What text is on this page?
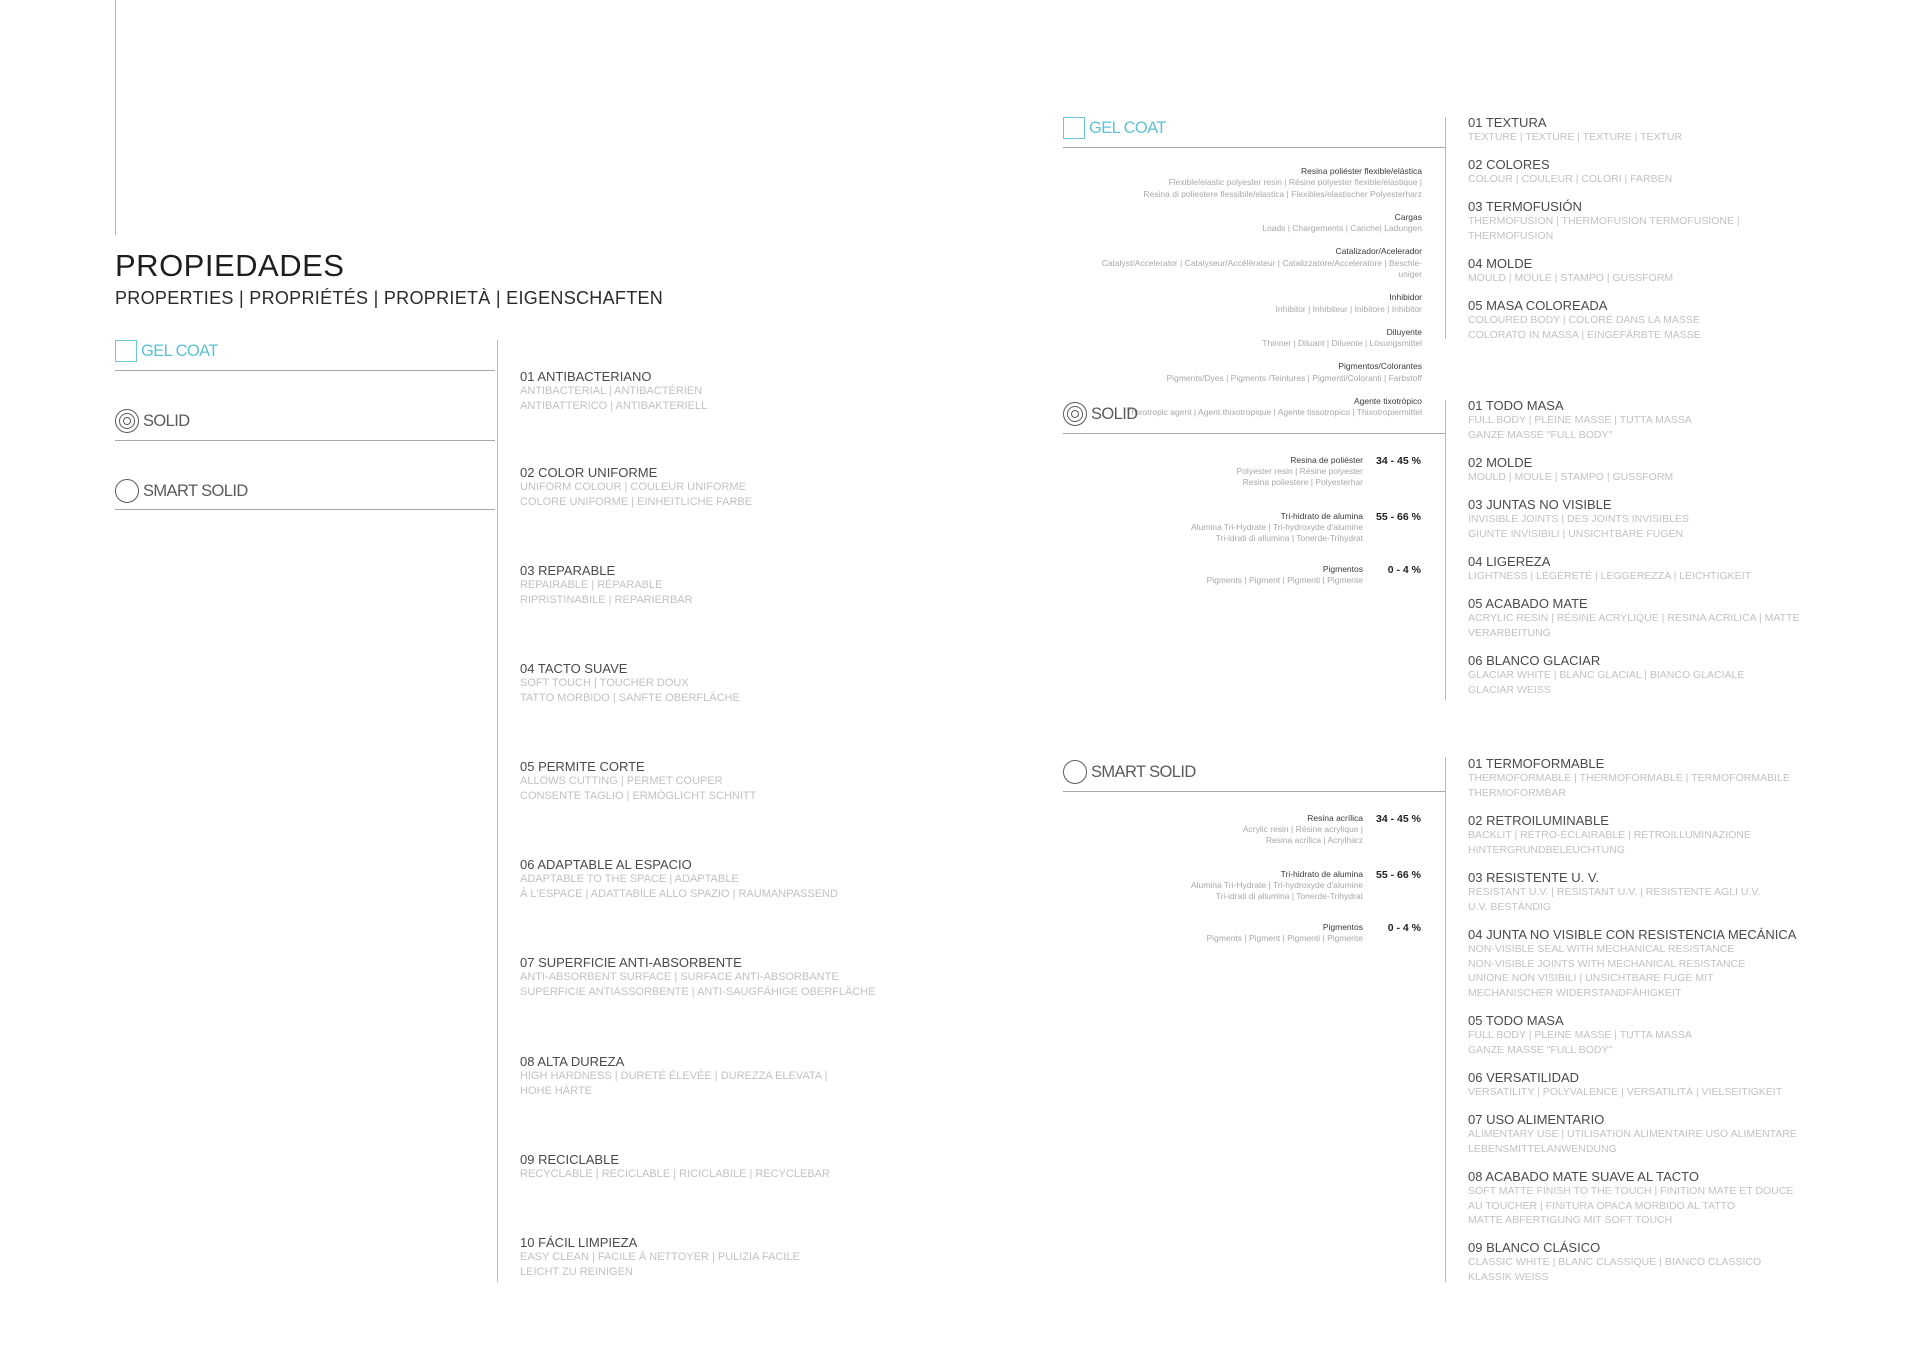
PROPIEDADES
PROPERTIES | PROPRIÉTÉS | PROPRIETÀ | EIGENSCHAFTEN
GEL COAT
SOLID
SMART SOLID
01 ANTIBACTERIANO
ANTIBACTERIAL | ANTIBACTÉRIEN
ANTIBATTERICO | ANTIBAKTERIELL
02 COLOR UNIFORME
UNIFORM COLOUR | COULEUR UNIFORME
COLORE UNIFORME | EINHEITLICHE FARBE
03 REPARABLE
REPAIRABLE | RÉPARABLE
RIPRISTINABILE | REPARIERBAR
04 TACTO SUAVE
SOFT TOUCH | TOUCHER DOUX
TATTO MORBIDO | SANFTE OBERFLÄCHE
05 PERMITE CORTE
ALLOWS CUTTING | PERMET COUPER
CONSENTE TAGLIO | ERMÖGLICHT SCHNITT
06 ADAPTABLE AL ESPACIO
ADAPTABLE TO THE SPACE | ADAPTABLE
À L'ESPACE | ADATTABILE ALLO SPAZIO | RAUMANPASSEND
07 SUPERFICIE ANTI-ABSORBENTE
ANTI-ABSORBENT SURFACE | SURFACE ANTI-ABSORBANTE
SUPERFICIE ANTIASSORBENTE | ANTI-SAUGFÄHIGE OBERFLÄCHE
08 ALTA DUREZA
HIGH HARDNESS | DURETÉ ÉLEVÉE | DUREZZA ELEVATA |
HOHE HÄRTE
09 RECICLABLE
RECYCLABLE | RECICLABLE | RICICLABILE | RECYCLEBAR
10 FÁCIL LIMPIEZA
EASY CLEAN | FACILE À NETTOYER | PULIZIA FACILE
LEICHT ZU REINIGEN
GEL COAT

Resina poliéster flexible/elástica
Flexible/elastic polyester resin | Résine polyester flexible/élastique |
Resina di poliestere flessibile/elastica | Flexibles/elastischer Polyesterharz

Cargas
Loads | Chargements | Cariche| Ladungen

Catalizador/Acelerador
Catalyst/Accelerator | Catalyseur/Accélérateur | Catalizzatore/Acceleratore | Beschle-
uniger

Inhibidor
Inhibitor | Inhibiteur | Inibitore | Inhibitor

Diluyente
Thinner | Diluant | Diluente | Lösungsmittel

Pigmentos/Colorantes
Pigments/Dyes | Pigments /Teintures | Pigmenti/Coloranti | Farbstoff

Agente tixotrópico
Thixotropic agent | Agent thixotropique | Agente tissotropico | Thixotropiermittel

01 TEXTURA
TEXTURE | TEXTURE | TEXTURE | TEXTUR
02 COLORES
COLOUR | COULEUR | COLORI | FARBEN
03 TERMOFUSIÓN
THERMOFUSION | THERMOFUSION TERMOFUSIONE |
THERMOFUSION
04 MOLDE
MOULD | MOULE | STAMPO | GUSSFORM
05 MASA COLOREADA
COLOURED BODY | COLORÉ DANS LA MASSE
COLORATO IN MASSA | EINGEFÄRBTE MASSE
SOLID
Resina de poliéster
Polyester resin | Résine polyester
Resina poliestere | Polyesterhar
34 - 45 %
Tri-hidrato de alumina
Alumina Tri-Hydrate | Tri-hydroxyde d'alumine
Tri-idrati di allumina | Tonerde-Trihydrat
55 - 66 %
Pigmentos
Pigments | Pigment | Pigmenti | Pigmente
0 - 4 %
01 TODO MASA
FULL BODY | PLEINE MASSE | TUTTA MASSA
GANZE MASSE "FULL BODY"
02 MOLDE
MOULD | MOULE | STAMPO | GUSSFORM
03 JUNTAS NO VISIBLE
INVISIBLE JOINTS | DES JOINTS INVISIBLES
GIUNTE INVISIBILI | UNSICHTBARE FUGEN
04 LIGEREZA
LIGHTNESS | LÉGÈRETÉ | LEGGEREZZA | LEICHTIGKEIT
05 ACABADO MATE
ACRYLIC RESIN | RÉSINE ACRYLIQUE | RESINA ACRILICA | MATTE
VERARBEITUNG
06 BLANCO GLACIAR
GLACIAR WHITE | BLANC GLACIAL | BIANCO GLACIALE
GLACIAR WEISS
SMART SOLID
Resina acrílica
Acrylic resin | Résine acrylique |
Resina acrilica | Acrylharz
34 - 45 %
Tri-hidrato de alumina
Alumina Tri-Hydrate | Tri-hydroxyde d'alumine
Tri-idrati di allumina | Tonerde-Trihydrat
55 - 66 %
Pigmentos
Pigments | Pigment | Pigmenti | Pigmente
0 - 4 %
01 TERMOFORMABLE
THERMOFORMABLE | THERMOFORMABLE | TERMOFORMABILE
THERMOFORMBAR
02 RETROILUMINABLE
BACKLIT | RÉTRO-ÉCLAIRABLE | RETROILLUMINAZIONE
HINTERGRUNDBELEUCHTUNG
03 RESISTENTE U. V.
RESISTANT U.V. | RESISTANT U.V. | RESISTENTE AGLI U.V.
U.V. BESTÄNDIG
04 JUNTA NO VISIBLE CON RESISTENCIA MECÁNICA
NON-VISIBLE SEAL WITH MECHANICAL RESISTANCE
NON-VISIBLE JOINTS WITH MECHANICAL RESISTANCE
UNIONE NON VISIBILI | UNSICHTBARE FUGE MIT
MECHANISCHER WIDERSTANDFÄHIGKEIT
05 TODO MASA
FULL BODY | PLEINE MASSE | TUTTA MASSA
GANZE MASSE "FULL BODY"
06 VERSATILIDAD
VERSATILITY | POLYVALENCE | VERSATILITÀ | VIELSEITIGKEIT
07 USO ALIMENTARIO
ALIMENTARY USE | UTILISATION ALIMENTAIRE USO ALIMENTARE
LEBENSMITTELANWENDUNG
08 ACABADO MATE SUAVE AL TACTO
SOFT MATTE FINISH TO THE TOUCH | FINITION MATE ET DOUCE
AU TOUCHER | FINITURA OPACA MORBIDO AL TATTO
MATTE ABFERTIGUNG MIT SOFT TOUCH
09 BLANCO CLÁSICO
CLASSIC WHITE | BLANC CLASSIQUE | BIANCO CLASSICO
KLASSIK WEISS
